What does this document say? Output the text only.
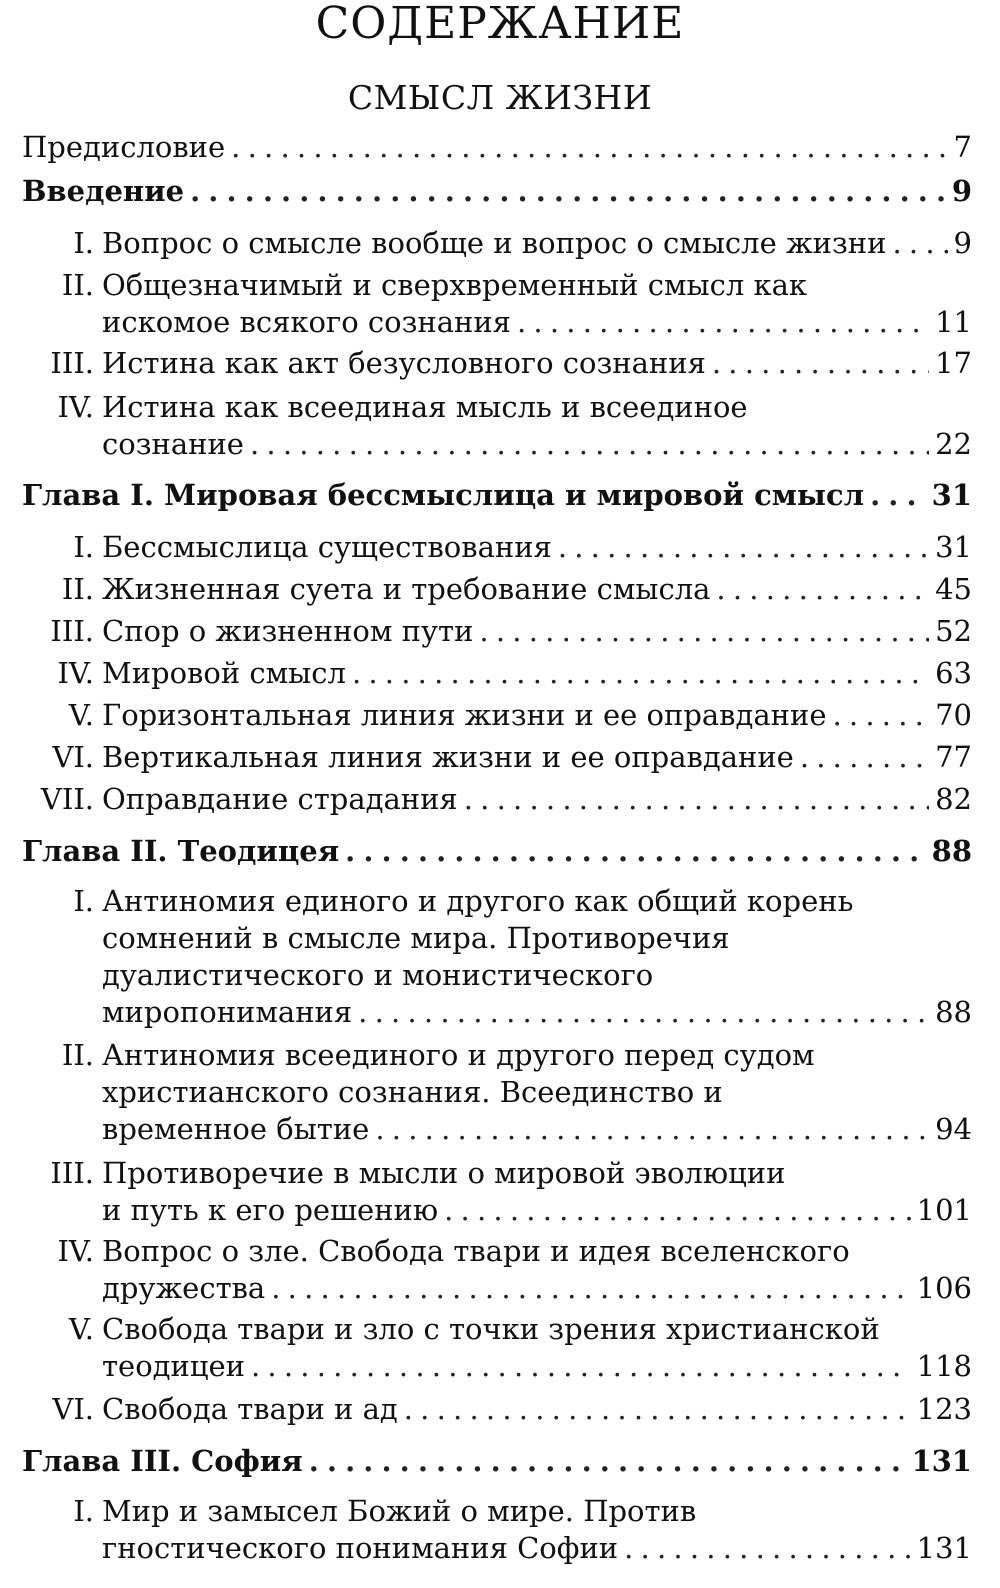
СОДЕРЖАНИЕ
СМЫСЛ ЖИЗНИ
Предисловие . . .	7
Введение . . .	9
I. Вопрос о смысле вообще и вопрос о смысле жизни . . . 9
II. Общезначимый и сверхвременный смысл как
искомое всякого сознания . . .	11
III. Истина как акт безусловного сознания . . .	17
IV. Истина как всеединая мысль и всеединое
сознание . . .	22
Глава I. Мировая бессмыслица и мировой смысл . . . 31
I. Бессмыслица существования . . .	31
II. Жизненная суета и требование смысла . . .	45
III. Спор о жизненном пути . . .	52
IV. Мировой смысл . . .	63
V. Горизонтальная линия жизни и ее оправдание . . .	70
VI. Вертикальная линия жизни и ее оправдание . . .	77
VII. Оправдание страдания . . .	82
Глава II. Теодицея . . .	88
I. Антиномия единого и другого как общий корень
сомнений в смысле мира. Противоречия
дуалистического и монистического
миропонимания . . .	88
II. Антиномия всеединого и другого перед судом
христианского сознания. Всеединство и
временное бытие . . .	94
III. Противоречие в мысли о мировой эволюции
и путь к его решению . . .	101
IV. Вопрос о зле. Свобода твари и идея вселенского
дружества . . .	106
V. Свобода твари и зло с точки зрения христианской
теодицеи . . .	118
VI. Свобода твари и ад . . .	123
Глава III. София . . .	131
I. Мир и замысел Божий о мире. Против
гностического понимания Софии . . .	131
